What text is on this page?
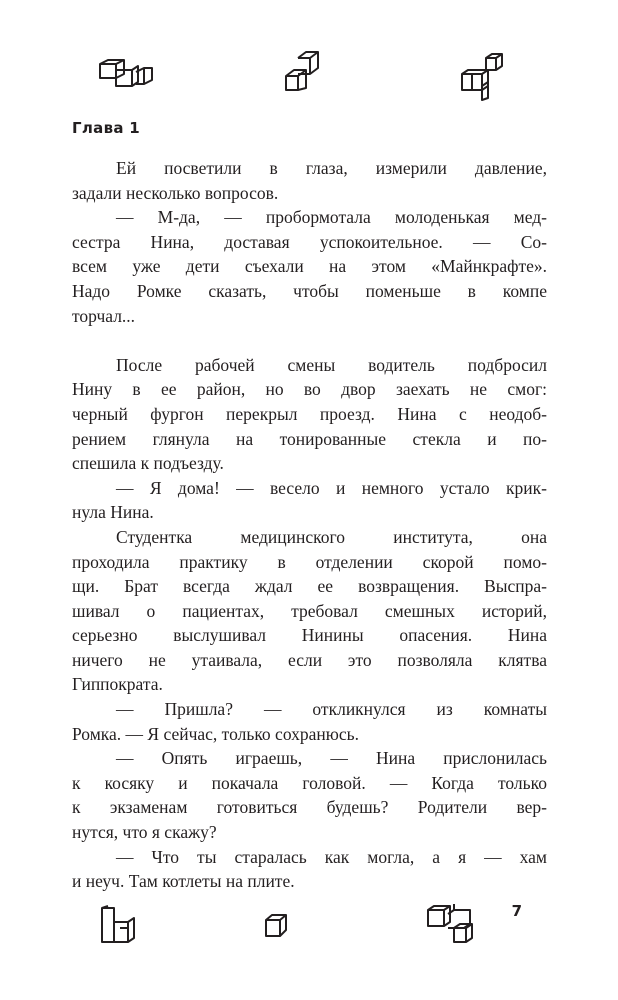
Глава 1

Ей посветили в глаза, измерили давление,

задали несколько вопросов.

— М-да, — пробормотала молоденькая мед-

сестра Нина, доставая успокоительное. — Со-

всем уже дети съехали на этом «Майнкрафте».

Надо Ромке сказать, чтобы поменьше в компе

торчал...

После рабочей смены водитель подбросил

Нину в ее район, но во двор заехать не смог:

черный фургон перекрыл проезд. Нина с неодоб-

рением глянула на тонированные стекла и по-

спешила к подъезду.

— Я дома! — весело и немного устало крик-

нула Нина.

Студентка медицинского института, она

проходила практику в отделении скорой помо-

щи. Брат всегда ждал ее возвращения. Выспра-

шивал о пациентах, требовал смешных историй,

серьезно выслушивал Нинины опасения. Нина

ничего не утаивала, если это позволяла клятва

Гиппократа.

— Пришла? — откликнулся из комнаты

Ромка. — Я сейчас, только сохранюсь.

— Опять играешь, — Нина прислонилась

к косяку и покачала головой. — Когда только

к экзаменам готовиться будешь? Родители вер-

нутся, что я скажу?

— Что ты старалась как могла, а я — хам

и неуч. Там котлеты на плите.

7
